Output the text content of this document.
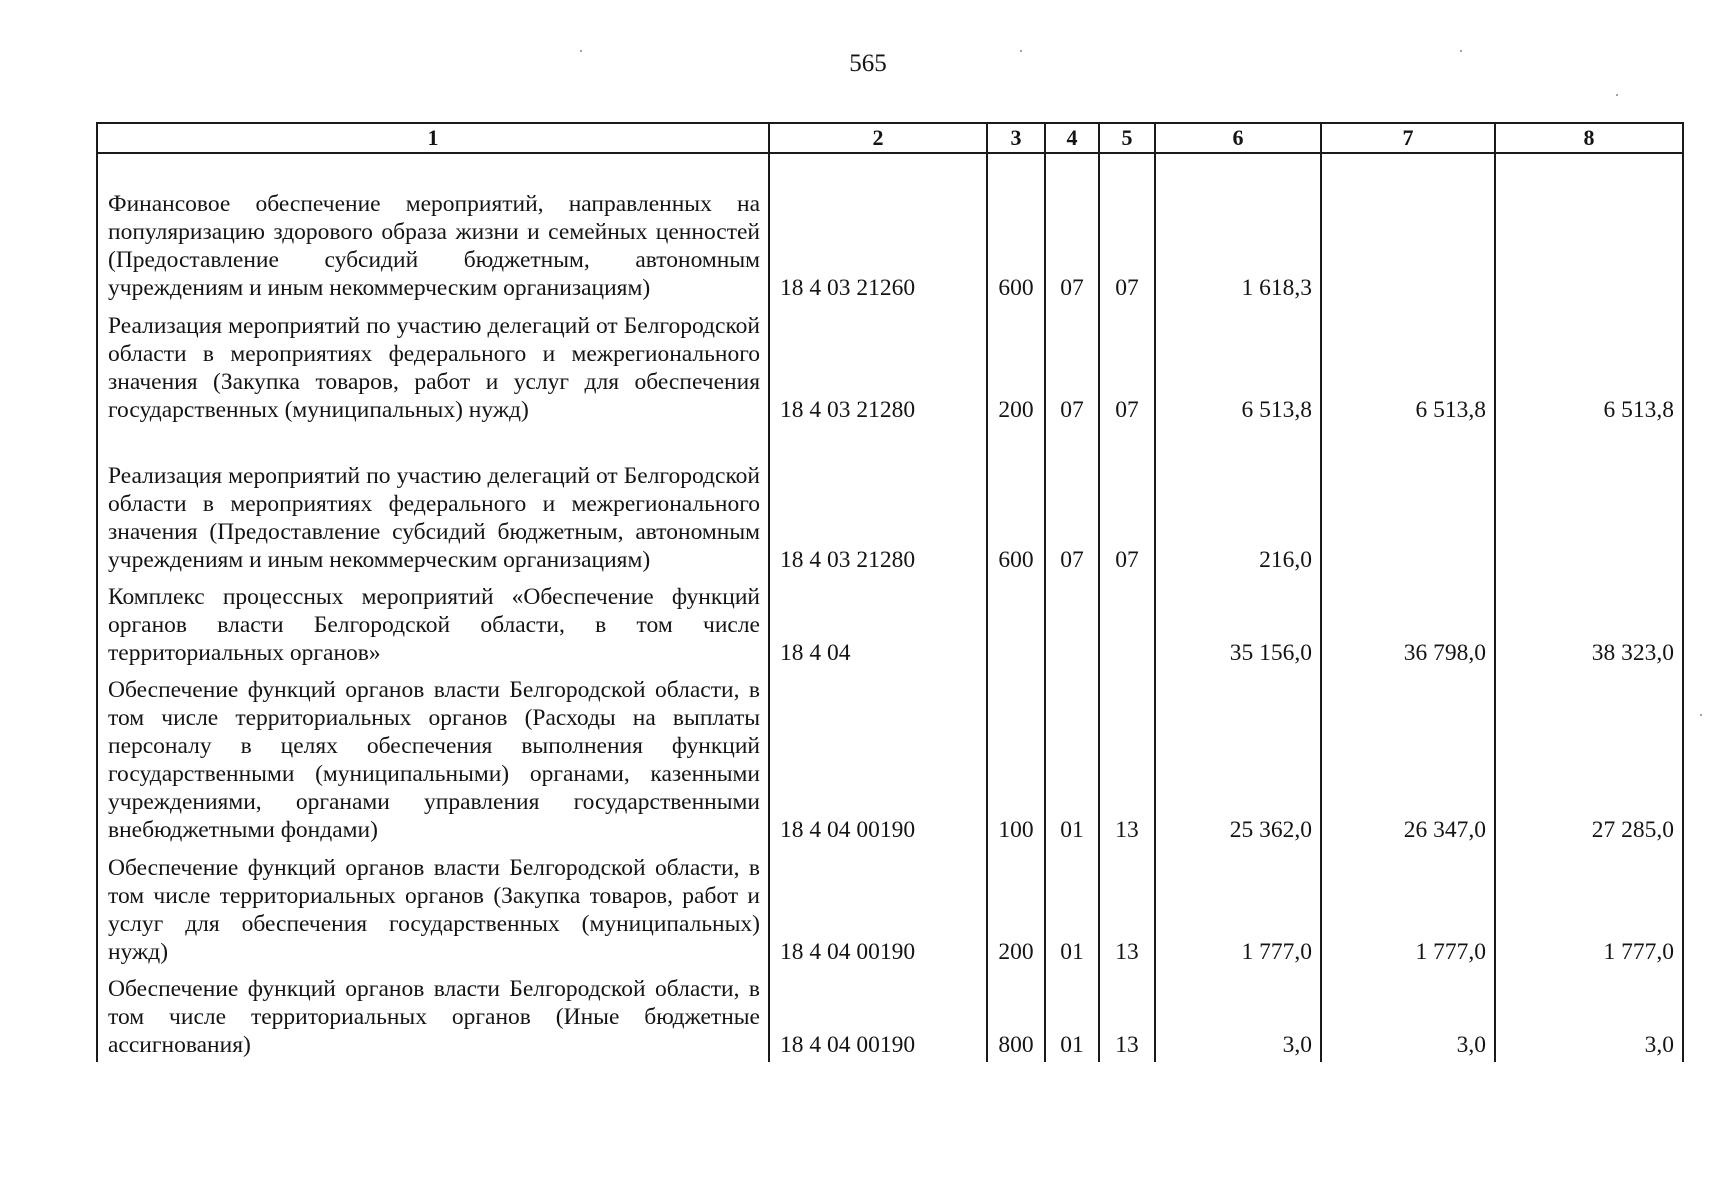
565
1	2	3	4	5	6	7	8
Финансовое обеспечение мероприятий, направленных на популяризацию здорового образа жизни и семейных ценностей (Предоставление субсидий бюджетным, автономным учреждениям и иным некоммерческим организациям)	18 4 03 21260	600	07	07	1 618,3		
Реализация мероприятий по участию делегаций от Белгородской области в мероприятиях федерального и межрегионального значения (Закупка товаров, работ и услуг для обеспечения государственных (муниципальных) нужд)	18 4 03 21280	200	07	07	6 513,8	6 513,8	6 513,8
Реализация мероприятий по участию делегаций от Белгородской области в мероприятиях федерального и межрегионального значения (Предоставление субсидий бюджетным, автономным учреждениям и иным некоммерческим организациям)	18 4 03 21280	600	07	07	216,0		
Комплекс процессных мероприятий «Обеспечение функций органов власти Белгородской области, в том числе территориальных органов»	18 4 04				35 156,0	36 798,0	38 323,0
Обеспечение функций органов власти Белгородской области, в том числе территориальных органов (Расходы на выплаты персоналу в целях обеспечения выполнения функций государственными (муниципальными) органами, казенными учреждениями, органами управления государственными внебюджетными фондами)	18 4 04 00190	100	01	13	25 362,0	26 347,0	27 285,0
Обеспечение функций органов власти Белгородской области, в том числе территориальных органов (Закупка товаров, работ и услуг для обеспечения государственных (муниципальных) нужд)	18 4 04 00190	200	01	13	1 777,0	1 777,0	1 777,0
Обеспечение функций органов власти Белгородской области, в том числе территориальных органов (Иные бюджетные ассигнования)	18 4 04 00190	800	01	13	3,0	3,0	3,0
